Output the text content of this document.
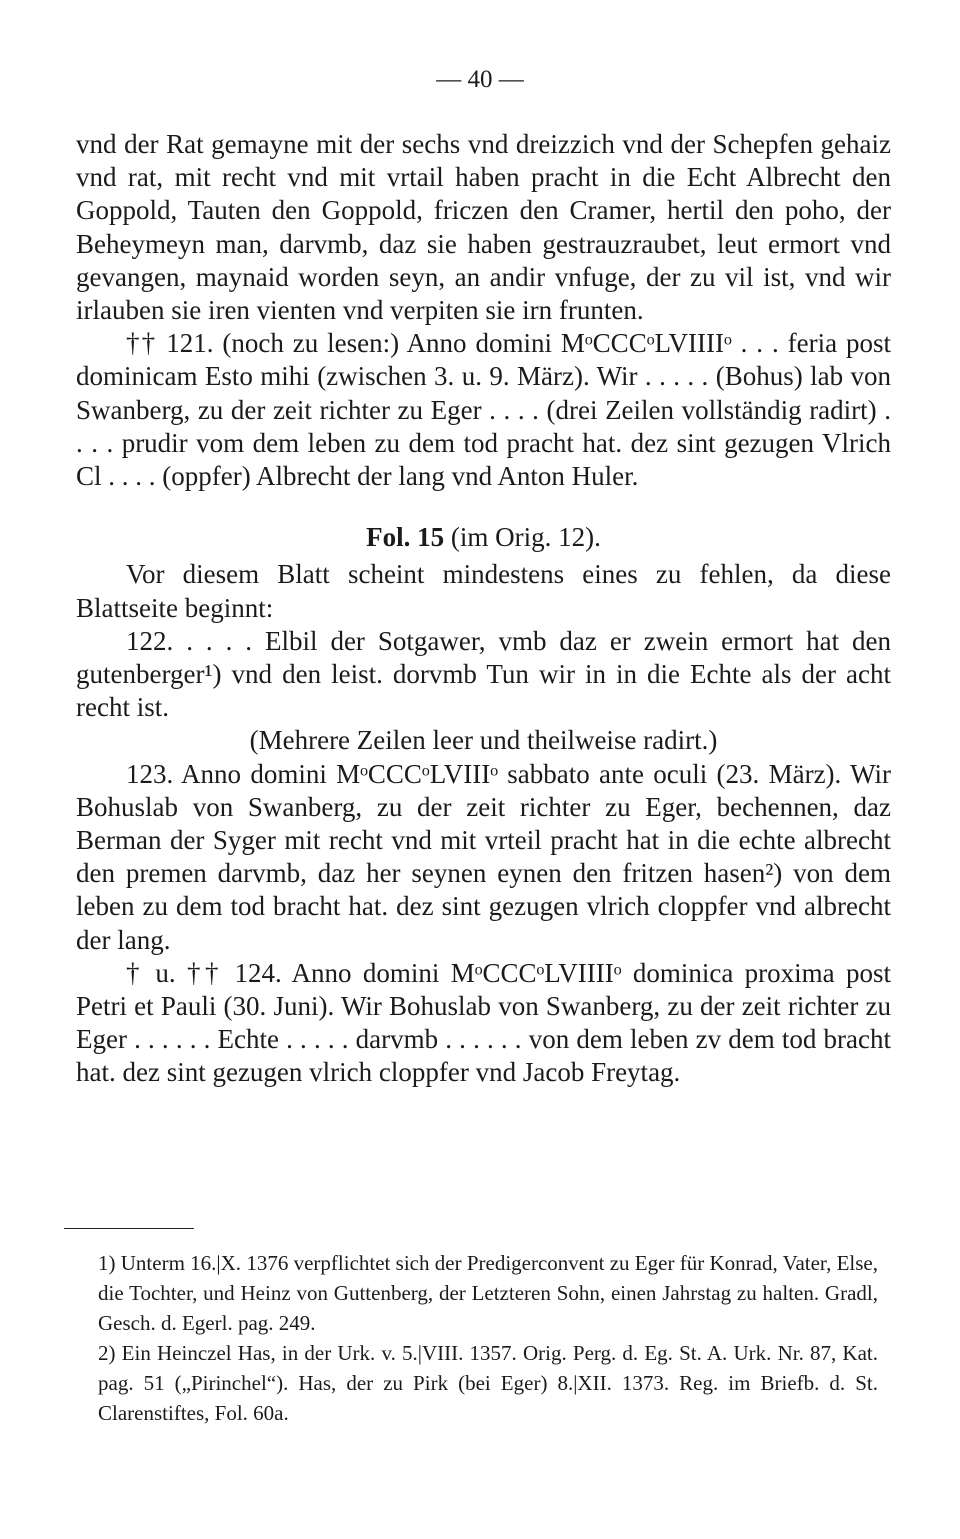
— 40 —

vnd der Rat gemayne mit der sechs vnd dreizzich vnd der Schepfen gehaiz vnd rat, mit recht vnd mit vrtail haben pracht in die Echt Albrecht den Goppold, Tauten den Goppold, friczen den Cramer, hertil den poho, der Beheymeyn man, darvmb, daz sie haben gestrauzraubet, leut ermort vnd gevangen, maynaid worden seyn, an andir vnfuge, der zu vil ist, vnd wir irlauben sie iren vienten vnd verpiten sie irn frunten.

†† 121. (noch zu lesen:) Anno domini MᵒCCCᵒLVIIIIᵒ . . . feria post dominicam Esto mihi (zwischen 3. u. 9. März). Wir . . . . . (Bohus) lab von Swanberg, zu der zeit richter zu Eger . . . . (drei Zeilen vollständig radirt) . . . . prudir vom dem leben zu dem tod pracht hat. dez sint gezugen Vlrich Cl . . . . (oppfer) Albrecht der lang vnd Anton Huler.

Fol. 15 (im Orig. 12).

Vor diesem Blatt scheint mindestens eines zu fehlen, da diese Blattseite beginnt:

122. . . . . Elbil der Sotgawer, vmb daz er zwein ermort hat den gutenberger¹) vnd den leist. dorvmb Tun wir in in die Echte als der acht recht ist.

(Mehrere Zeilen leer und theilweise radirt.)

123. Anno domini MᵒCCCᵒLVIIIᵒ sabbato ante oculi (23. März). Wir Bohuslab von Swanberg, zu der zeit richter zu Eger, bechennen, daz Berman der Syger mit recht vnd mit vrteil pracht hat in die echte albrecht den premen darvmb, daz her seynen eynen den fritzen hasen²) von dem leben zu dem tod bracht hat. dez sint gezugen vlrich cloppfer vnd albrecht der lang.

† u. †† 124. Anno domini MᵒCCCᵒLVIIIIᵒ dominica proxima post Petri et Pauli (30. Juni). Wir Bohuslab von Swanberg, zu der zeit richter zu Eger . . . . . . Echte . . . . . darvmb . . . . . . von dem leben zv dem tod bracht hat. dez sint gezugen vlrich cloppfer vnd Jacob Freytag.

1) Unterm 16.|X. 1376 verpflichtet sich der Predigerconvent zu Eger für Konrad, Vater, Else, die Tochter, und Heinz von Guttenberg, der Letzteren Sohn, einen Jahrstag zu halten. Gradl, Gesch. d. Egerl. pag. 249.

2) Ein Heinczel Has, in der Urk. v. 5.|VIII. 1357. Orig. Perg. d. Eg. St. A. Urk. Nr. 87, Kat. pag. 51 („Pirinchel“). Has, der zu Pirk (bei Eger) 8.|XII. 1373. Reg. im Briefb. d. St. Clarenstiftes, Fol. 60a.
